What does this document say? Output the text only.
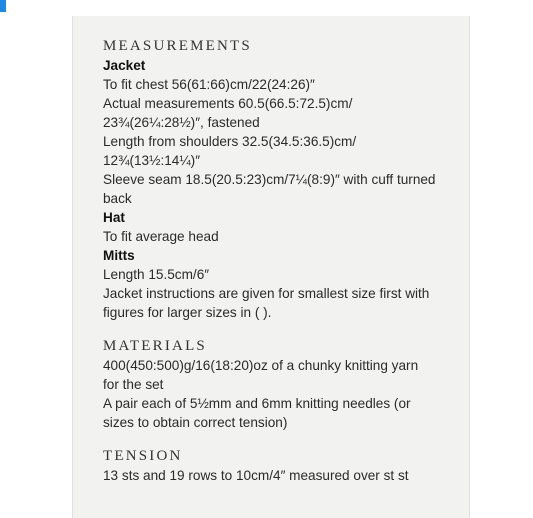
MEASUREMENTS
Jacket
To fit chest 56(61:66)cm/22(24:26)″
Actual measurements 60.5(66.5:72.5)cm/
23¾(26¼:28½)″, fastened
Length from shoulders 32.5(34.5:36.5)cm/
12¾(13½:14¼)″
Sleeve seam 18.5(20.5:23)cm/7¼(8:9)″ with cuff turned
back
Hat
To fit average head
Mitts
Length 15.5cm/6″
Jacket instructions are given for smallest size first with
figures for larger sizes in ( ).
MATERIALS
400(450:500)g/16(18:20)oz of a chunky knitting yarn
for the set
A pair each of 5½mm and 6mm knitting needles (or
sizes to obtain correct tension)
TENSION
13 sts and 19 rows to 10cm/4″ measured over st st
